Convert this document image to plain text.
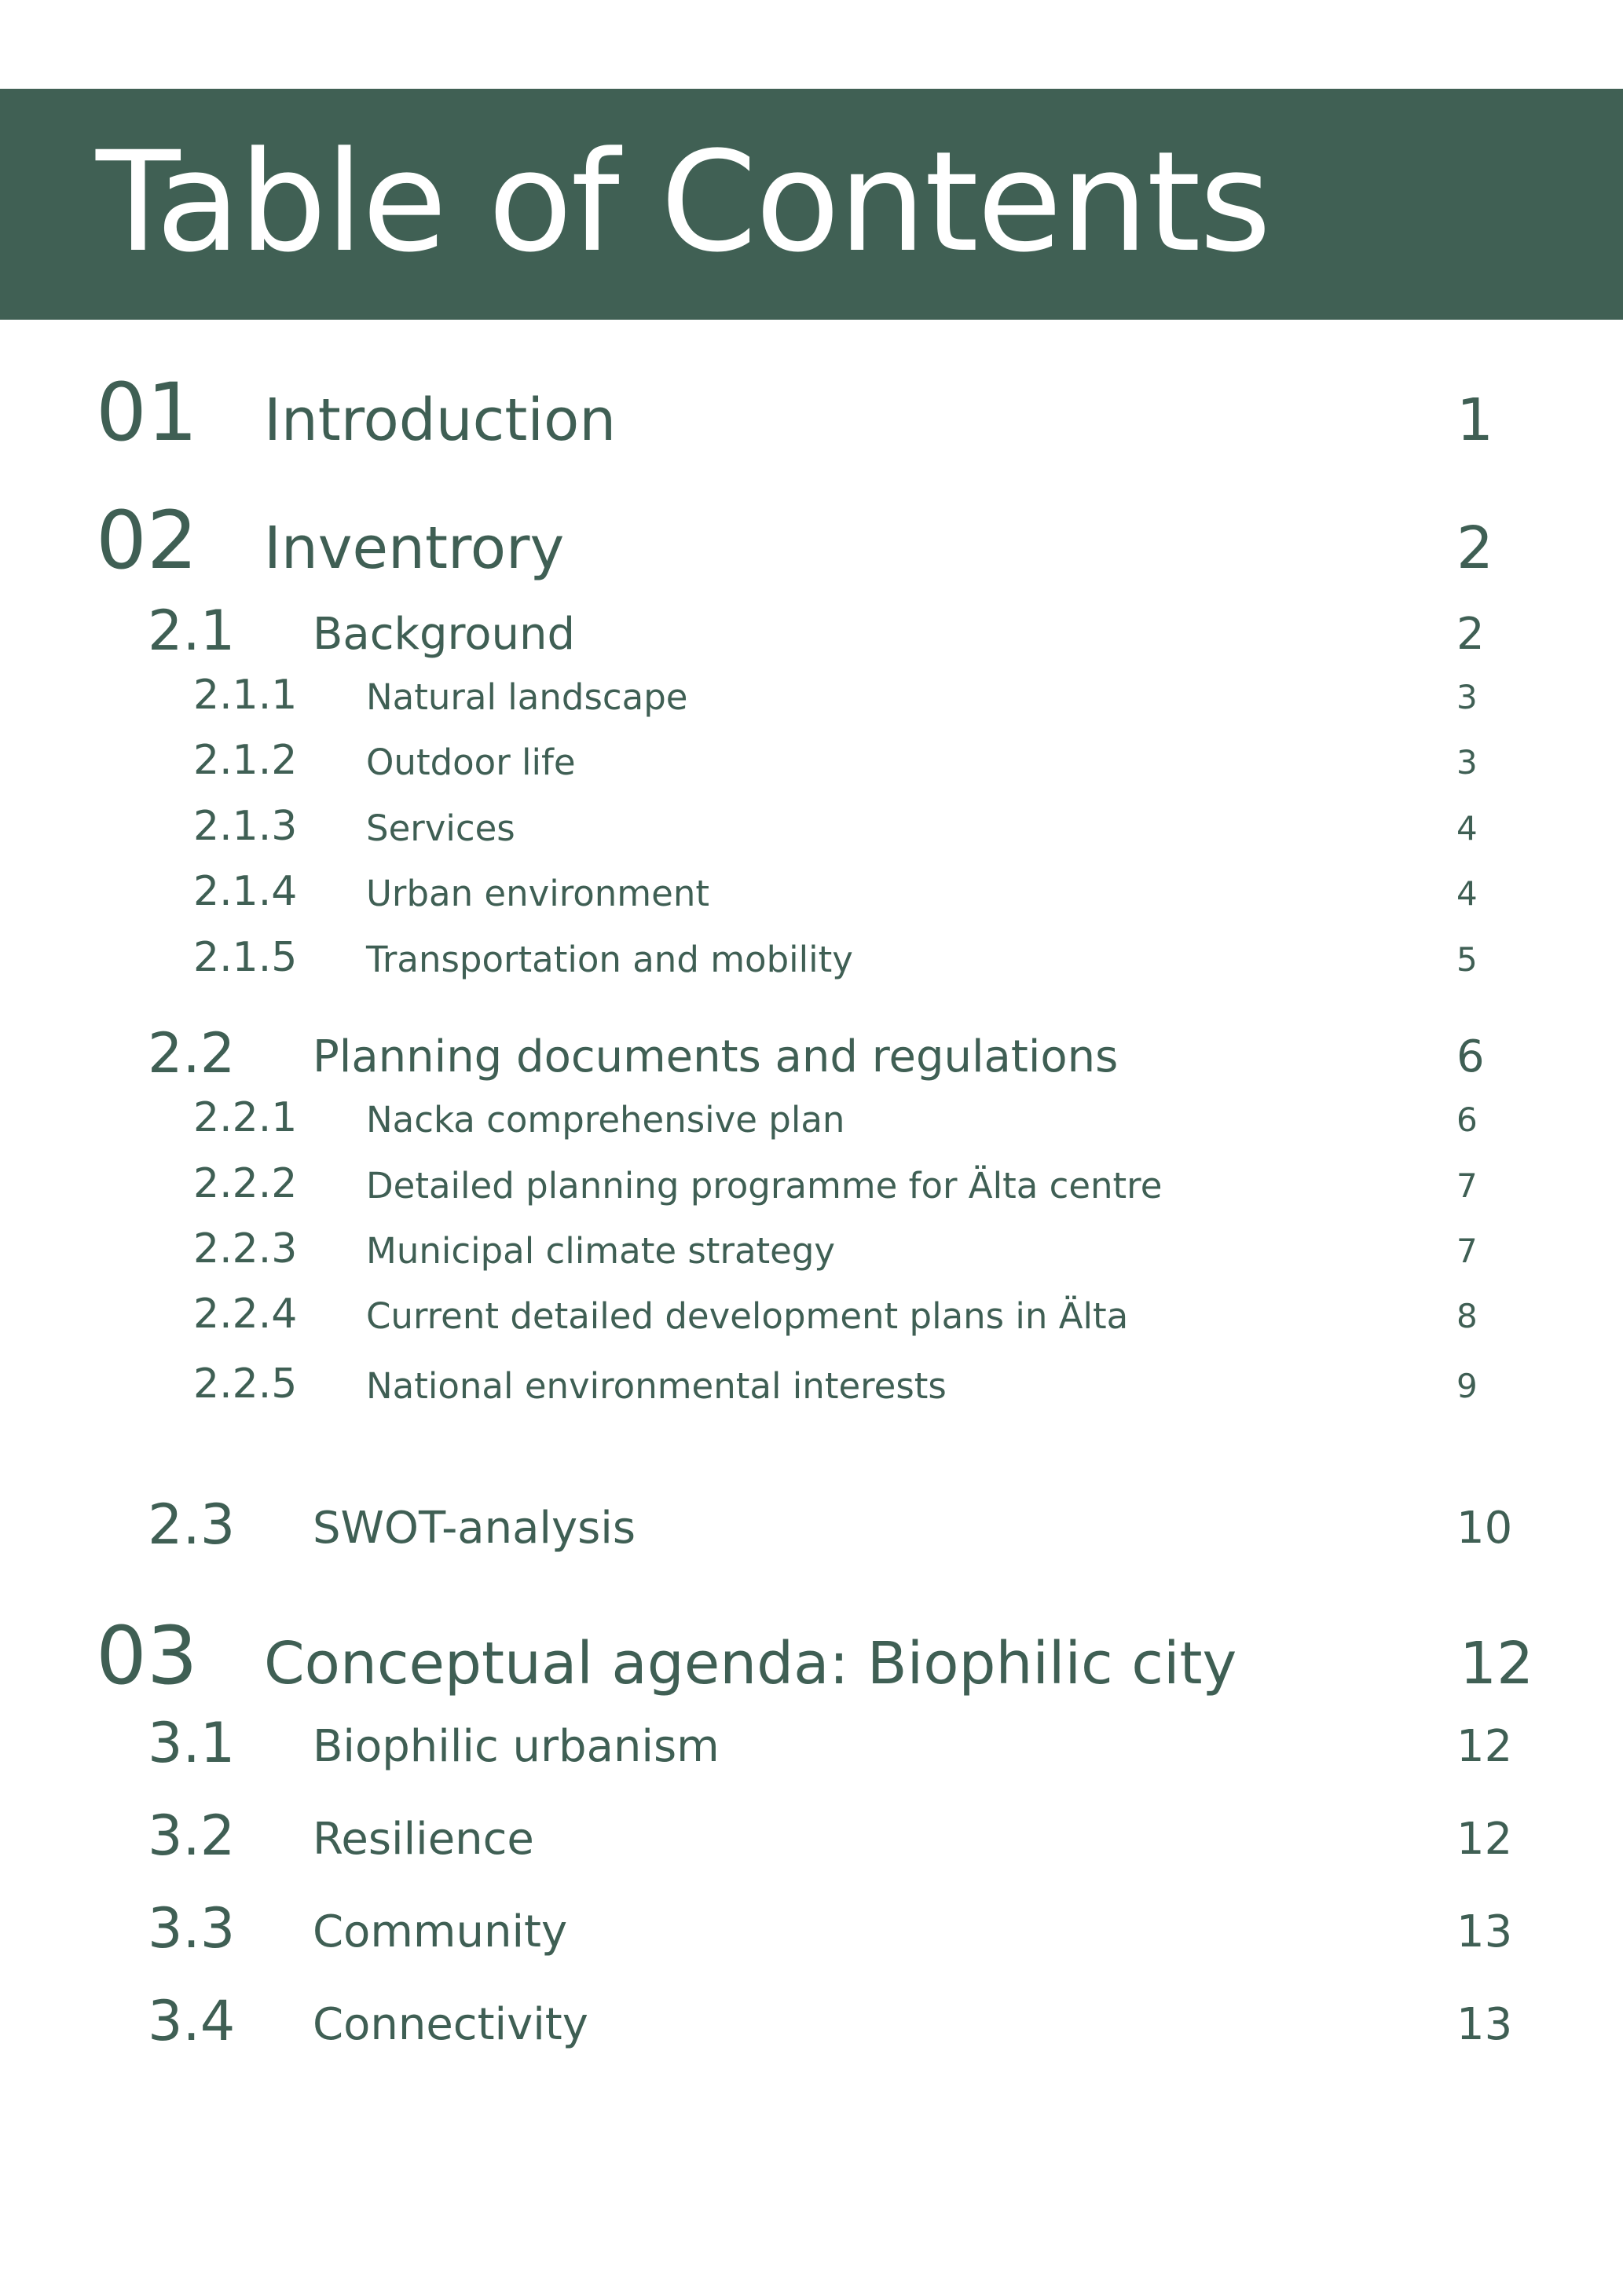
Table of Contents
01 Introduction	1
02 Inventrory	2
2.1 Background	2
2.1.1 Natural landscape	3
2.1.2 Outdoor life	3
2.1.3 Services	4
2.1.4 Urban environment	4
2.1.5 Transportation and mobility	5
2.2 Planning documents and regulations	6
2.2.1 Nacka comprehensive plan	6
2.2.2 Detailed planning programme for Älta centre	7
2.2.3 Municipal climate strategy	7
2.2.4 Current detailed development plans in Älta	8
2.2.5 National environmental interests	9
2.3 SWOT-analysis	10
03 Conceptual agenda: Biophilic city	12
3.1 Biophilic urbanism	12
3.2 Resilience	12
3.3 Community	13
3.4 Connectivity	13
